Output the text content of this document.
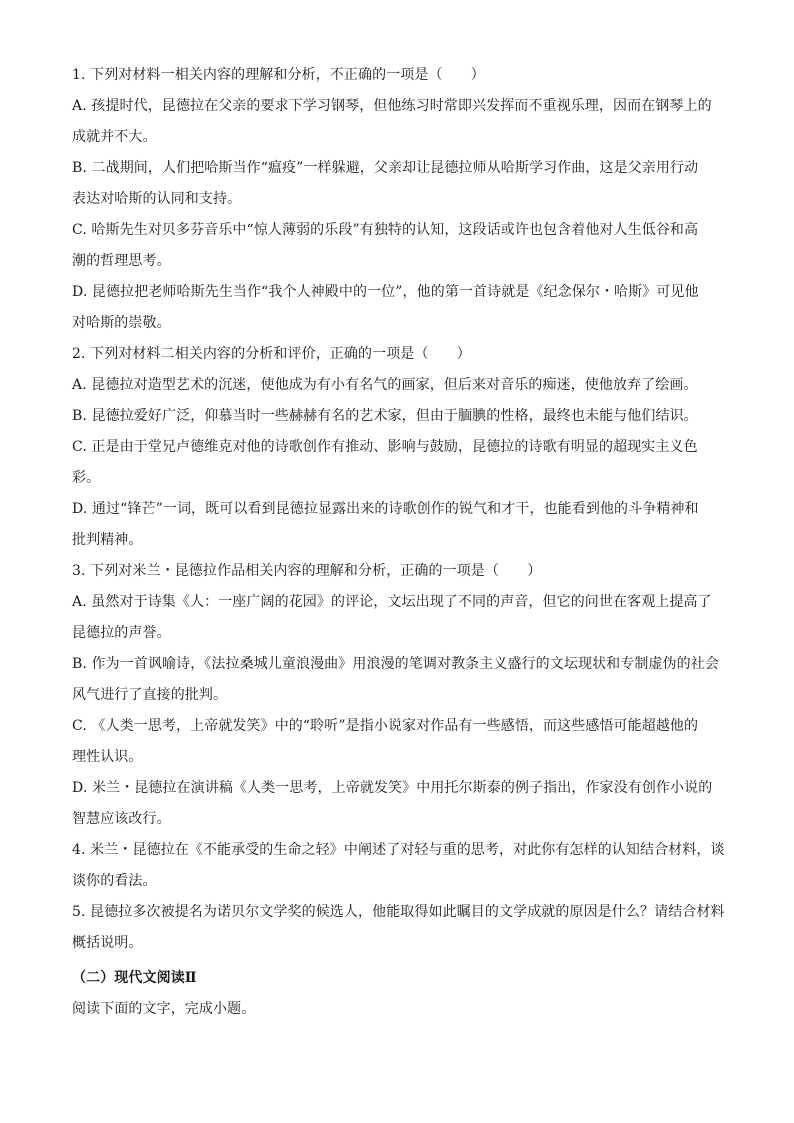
1. 下列对材料一相关内容的理解和分析，不正确的一项是（　　）
A. 孩提时代，昆德拉在父亲的要求下学习钢琴，但他练习时常即兴发挥而不重视乐理，因而在钢琴上的
成就并不大。
B. 二战期间，人们把哈斯当作“瘟疫”一样躲避，父亲却让昆德拉师从哈斯学习作曲，这是父亲用行动
表达对哈斯的认同和支持。
C. 哈斯先生对贝多芬音乐中“惊人薄弱的乐段”有独特的认知，这段话或许也包含着他对人生低谷和高
潮的哲理思考。
D. 昆德拉把老师哈斯先生当作“我个人神殿中的一位”，他的第一首诗就是《纪念保尔・哈斯》可见他
对哈斯的崇敬。
2. 下列对材料二相关内容的分析和评价，正确的一项是（　　）
A. 昆德拉对造型艺术的沉迷，使他成为有小有名气的画家，但后来对音乐的痴迷，使他放弃了绘画。
B. 昆德拉爱好广泛，仰慕当时一些赫赫有名的艺术家，但由于腼腆的性格，最终也未能与他们结识。
C. 正是由于堂兄卢德维克对他的诗歌创作有推动、影响与鼓励，昆德拉的诗歌有明显的超现实主义色
彩。
D. 通过“锋芒”一词，既可以看到昆德拉显露出来的诗歌创作的锐气和才干，也能看到他的斗争精神和
批判精神。
3. 下列对米兰・昆德拉作品相关内容的理解和分析，正确的一项是（　　）
A. 虽然对于诗集《人：一座广阔的花园》的评论，文坛出现了不同的声音，但它的问世在客观上提高了
昆德拉的声誉。
B. 作为一首讽喻诗，《法拉桑城儿童浪漫曲》用浪漫的笔调对教条主义盛行的文坛现状和专制虚伪的社会
风气进行了直接的批判。
C. 《人类一思考，上帝就发笑》中的“聆听”是指小说家对作品有一些感悟，而这些感悟可能超越他的
理性认识。
D. 米兰・昆德拉在演讲稿《人类一思考，上帝就发笑》中用托尔斯泰的例子指出，作家没有创作小说的
智慧应该改行。
4. 米兰・昆德拉在《不能承受的生命之轻》中阐述了对轻与重的思考，对此你有怎样的认知结合材料，谈
谈你的看法。
5. 昆德拉多次被提名为诺贝尔文学奖的候选人，他能取得如此瞩目的文学成就的原因是什么？请结合材料
概括说明。
（二）现代文阅读Ⅱ
阅读下面的文字，完成小题。
